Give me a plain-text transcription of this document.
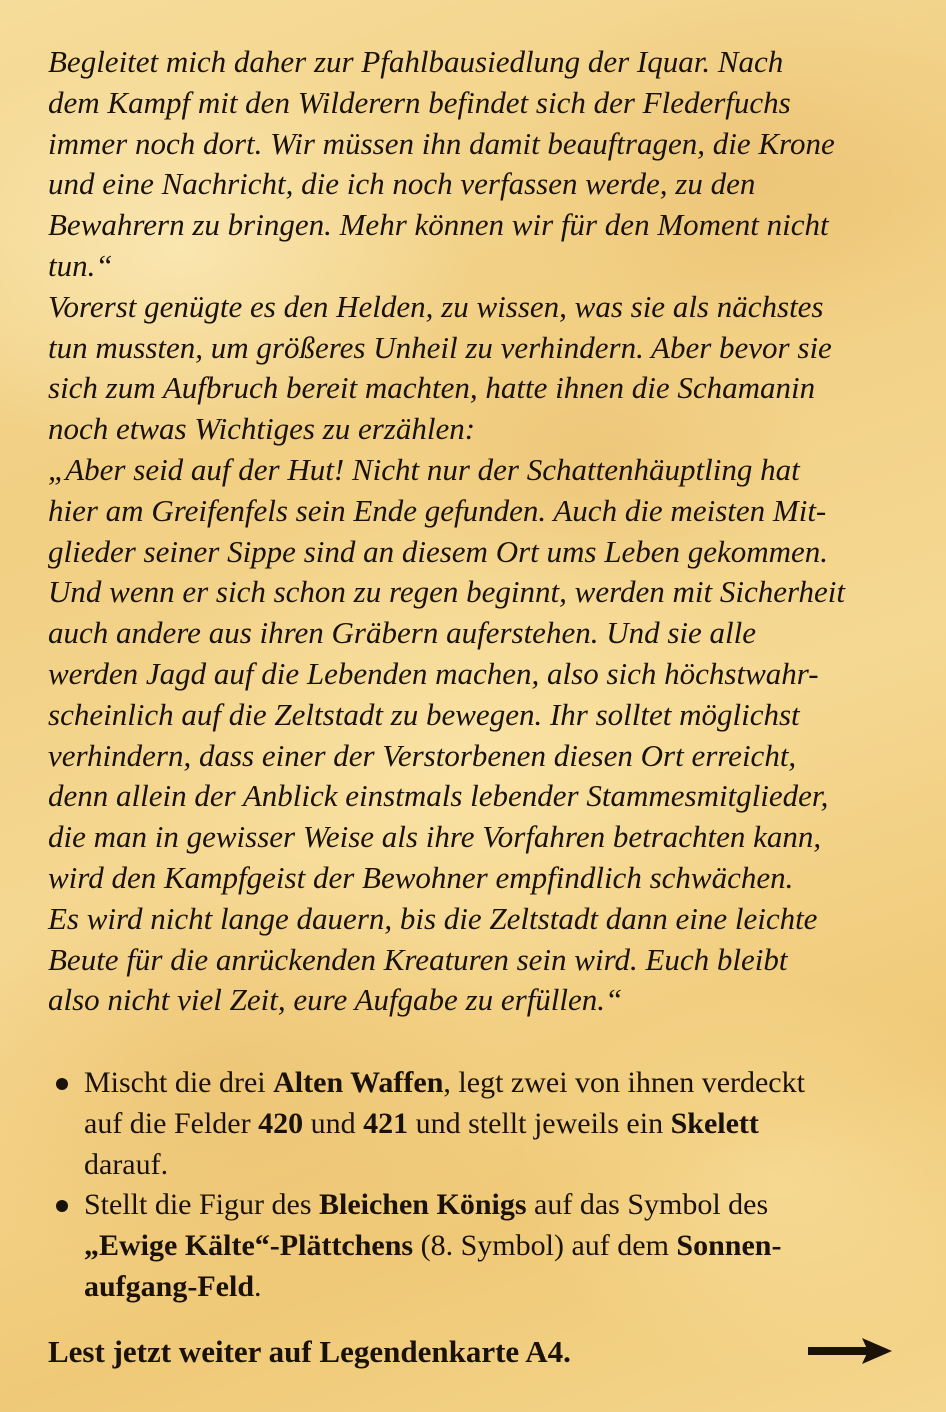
Begleitet mich daher zur Pfahlbausiedlung der Iquar. Nach
dem Kampf mit den Wilderern befindet sich der Flederfuchs
immer noch dort. Wir müssen ihn damit beauftragen, die Krone
und eine Nachricht, die ich noch verfassen werde, zu den
Bewahrern zu bringen. Mehr können wir für den Moment nicht
tun.“
Vorerst genügte es den Helden, zu wissen, was sie als nächstes
tun mussten, um größeres Unheil zu verhindern. Aber bevor sie
sich zum Aufbruch bereit machten, hatte ihnen die Schamanin
noch etwas Wichtiges zu erzählen:
„Aber seid auf der Hut! Nicht nur der Schattenhäuptling hat
hier am Greifenfels sein Ende gefunden. Auch die meisten Mit-
glieder seiner Sippe sind an diesem Ort ums Leben gekommen.
Und wenn er sich schon zu regen beginnt, werden mit Sicherheit
auch andere aus ihren Gräbern auferstehen. Und sie alle
werden Jagd auf die Lebenden machen, also sich höchstwahr-
scheinlich auf die Zeltstadt zu bewegen. Ihr solltet möglichst
verhindern, dass einer der Verstorbenen diesen Ort erreicht,
denn allein der Anblick einstmals lebender Stammesmitglieder,
die man in gewisser Weise als ihre Vorfahren betrachten kann,
wird den Kampfgeist der Bewohner empfindlich schwächen.
Es wird nicht lange dauern, bis die Zeltstadt dann eine leichte
Beute für die anrückenden Kreaturen sein wird. Euch bleibt
also nicht viel Zeit, eure Aufgabe zu erfüllen.“
Mischt die drei Alten Waffen, legt zwei von ihnen verdeckt
auf die Felder 420 und 421 und stellt jeweils ein Skelett
darauf.
Stellt die Figur des Bleichen Königs auf das Symbol des
„Ewige Kälte“-Plättchens (8. Symbol) auf dem Sonnen-
aufgang-Feld.
Lest jetzt weiter auf Legendenkarte A4.
